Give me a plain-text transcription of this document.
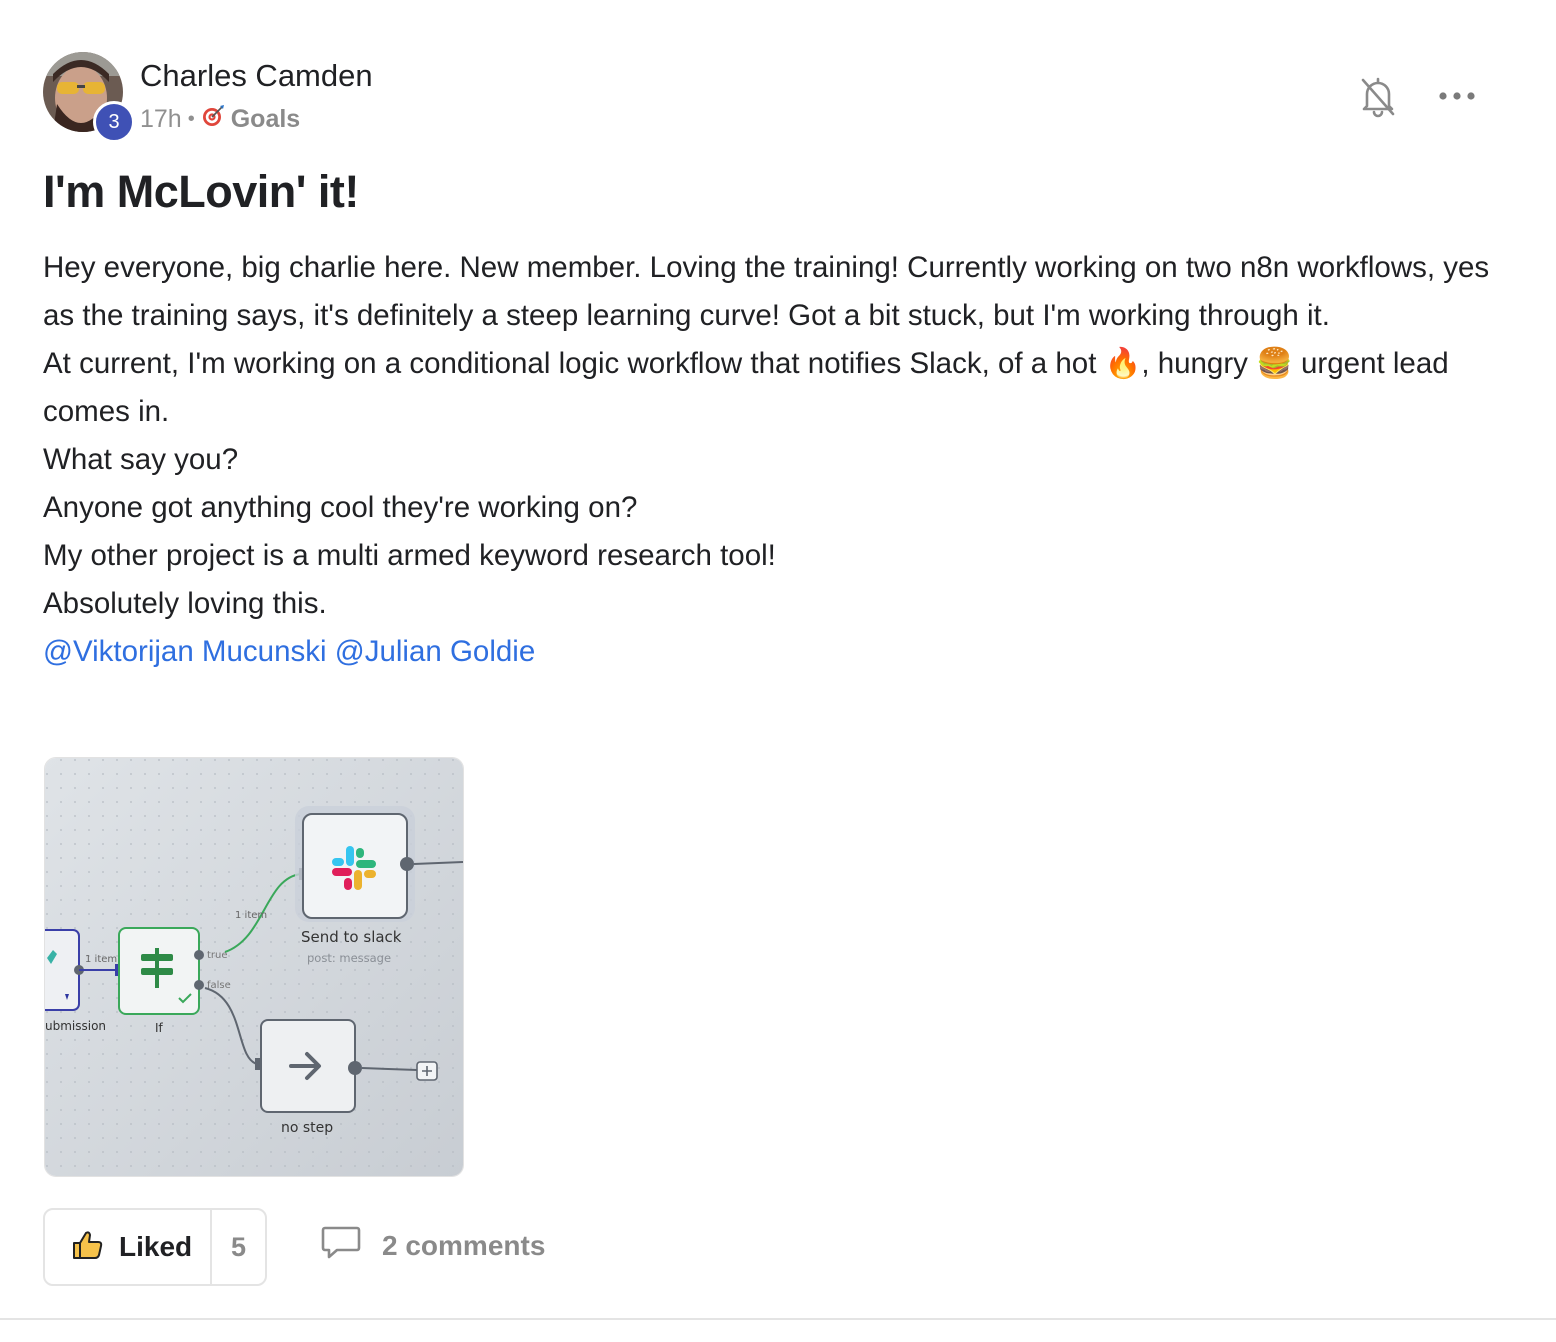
3
Charles Camden
17h • Goals
I'm McLovin' it!

Hey everyone, big charlie here. New member. Loving the training! Currently working on two n8n workflows, yes as the training says, it's definitely a steep learning curve! Got a bit stuck, but I'm working through it.

At current, I'm working on a conditional logic workflow that notifies Slack, of a hot 🔥, hungry 🍔 urgent lead comes in.

What say you?

Anyone got anything cool they're working on?

My other project is a multi armed keyword research tool!

Absolutely loving this.

@Viktorijan Mucunski @Julian Goldie

ubmission
1 item
If
true
1 item
false
Send to slack
post: message
no step
Liked	5	2 comments
